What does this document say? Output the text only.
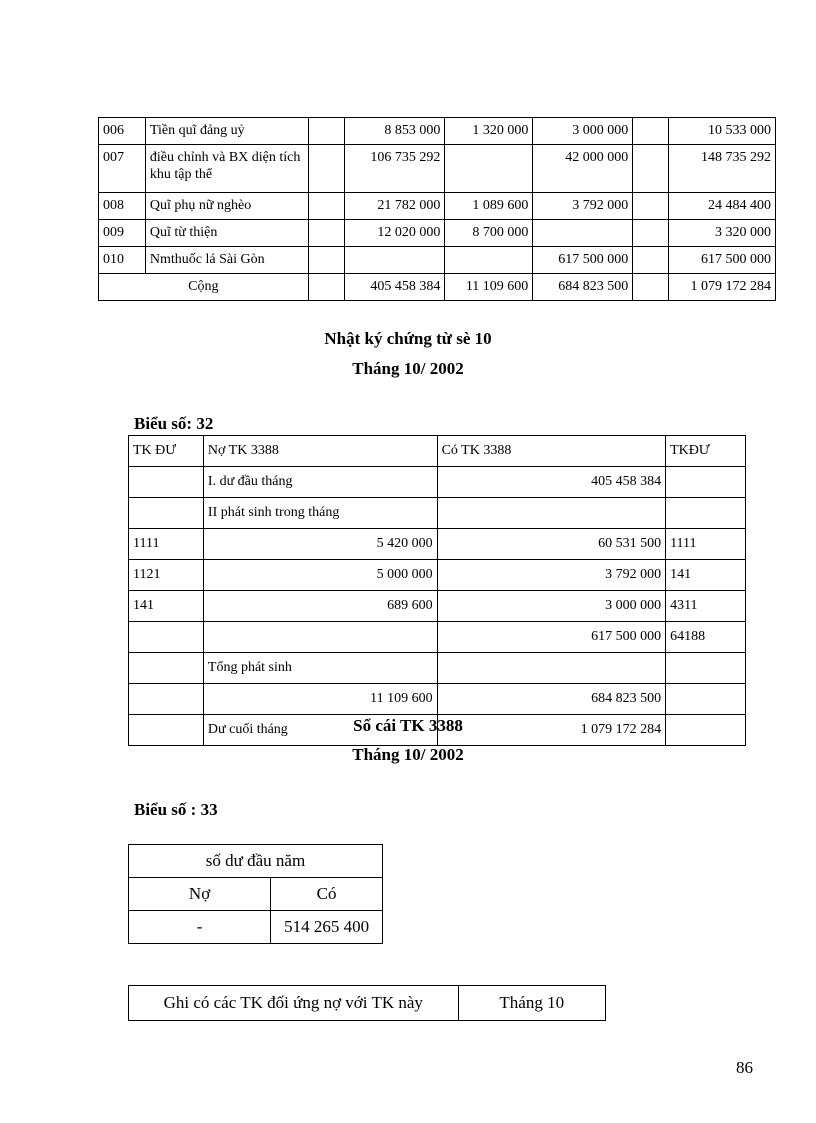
006	Tiền quĩ đảng uỷ		8 853 000	1 320 000	3 000 000		10 533 000
007	điều chỉnh và BX diện tích khu tập thể		106 735 292		42 000 000		148 735 292
008	Quĩ phụ nữ nghèo		21 782 000	1 089 600	3 792 000		24 484 400
009	Quĩ từ thiện		12 020 000	8 700 000			3 320 000
010	Nmthuốc lá Sài Gòn				617 500 000		617 500 000
Cộng			405 458 384	11 109 600	684 823 500		1 079 172 284
Nhật ký chứng từ sè 10
Tháng 10/ 2002
Biểu số: 32
TK ĐƯ	Nợ TK 3388	Có TK 3388	TKĐƯ
	I. dư đầu tháng	405 458 384	
	II phát sinh trong tháng		
1111	5 420 000	60 531 500	1111
1121	5 000 000	3 792 000	141
141	689 600	3 000 000	4311
		617 500 000	64188
	Tổng phát sinh		
	11 109 600	684 823 500	
	Dư cuối tháng	1 079 172 284	
Sổ cái TK 3388
Tháng 10/ 2002
Biểu số : 33
số dư đầu năm	
Nợ	Có
-	514 265 400
Ghi có các TK đối ứng nợ với TK này	Tháng 10
86
